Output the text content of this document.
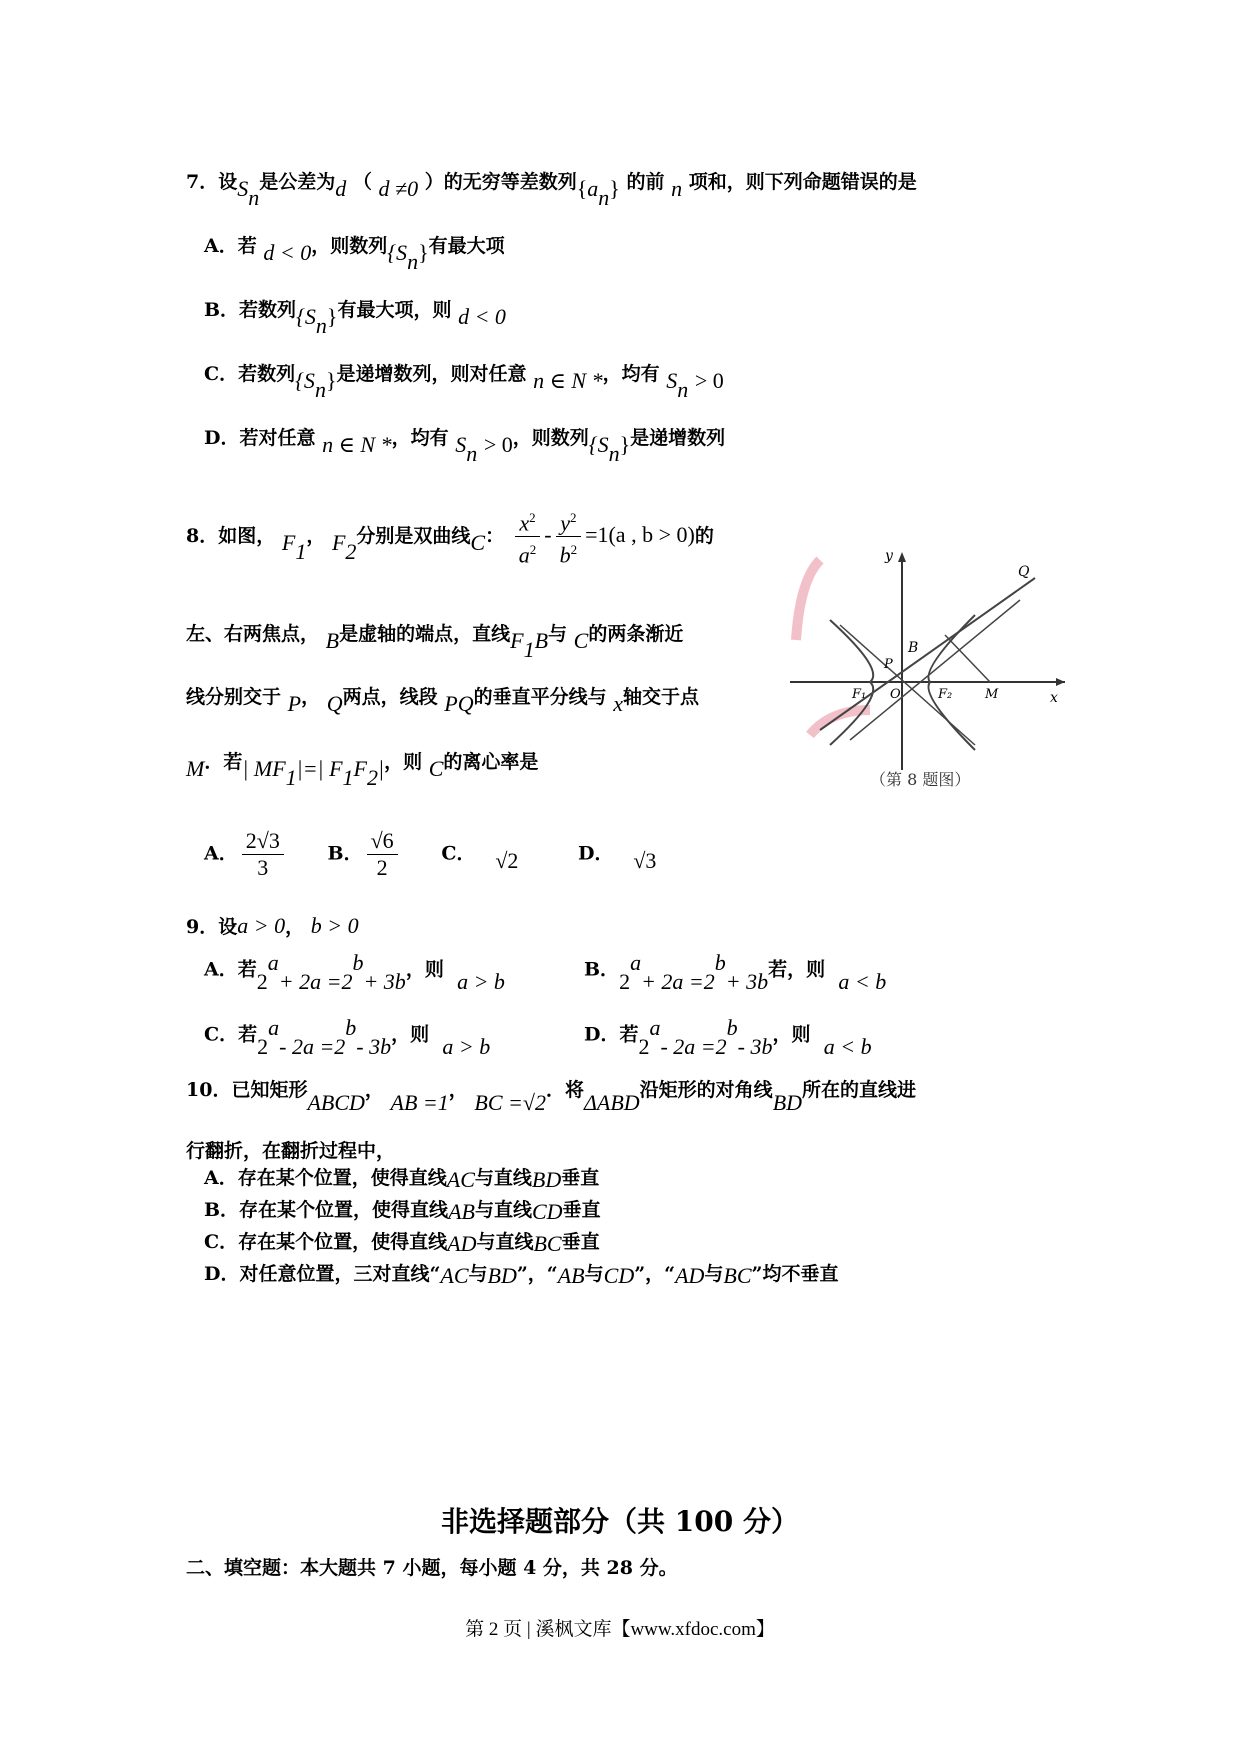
7．设$S_n$是公差为d （ d ≠0 ）的无穷等差数列$\{a_n\}$ 的前 n 项和，则下列命题错误的是
A．若 d < 0，则数列$\{S_n\}$有最大项
B．若数列$\{S_n\}$有最大项，则 d < 0
C．若数列$\{S_n\}$是递增数列，则对任意 n ∈ N *，均有 $S_n > 0$
D．若对任意 n ∈ N *，均有 $S_n > 0$，则数列$\{S_n\}$是递增数列
8．如图， $F_1$， $F_2$分别是双曲线C： $\frac{x^2}{a^2} - \frac{y^2}{b^2} =1(a$ , b > 0)的
左、右两焦点， B是虚轴的端点，直线$F_1B$与 C的两条渐近
线分别交于 P， Q两点，线段 PQ的垂直平分线与 x轴交于点
M．若| $MF_1|=|$ $F_1F_2|$，则 C的离心率是
y
x
Q
B
P
O
F₁	F₂	M
（第 8 题图）
A． $\frac{2√3}{3}$ B． $\frac{√6}{2}$ C． √2	D． √3
9．设a > 0， b > 0
A．若$2^a+ 2a =2^b+ 3b$，则 a > b	B．$2^a+ 2a =2^b+ 3b$若，则 a < b
C．若2$^a$- $2a =2^b-$ 3b，则 a > b	D．若2$^a$- $2a =2^b-$ 3b，则 a < b
10．已知矩形ABCD， AB =1， BC =√2．将ΔABD沿矩形的对角线BD所在的直线进
行翻折，在翻折过程中，
A．存在某个位置，使得直线AC与直线BD垂直
B．存在某个位置，使得直线AB与直线CD垂直
C．存在某个位置，使得直线AD与直线BC垂直
D．对任意位置，三对直线“AC与BD”，“AB与CD”，“AD与BC”均不垂直
非选择题部分（共 100 分）
二、填空题：本大题共 7 小题，每小题 4 分，共 28 分。
第 2 页 | 溪枫文库【www.xfdoc.com】
